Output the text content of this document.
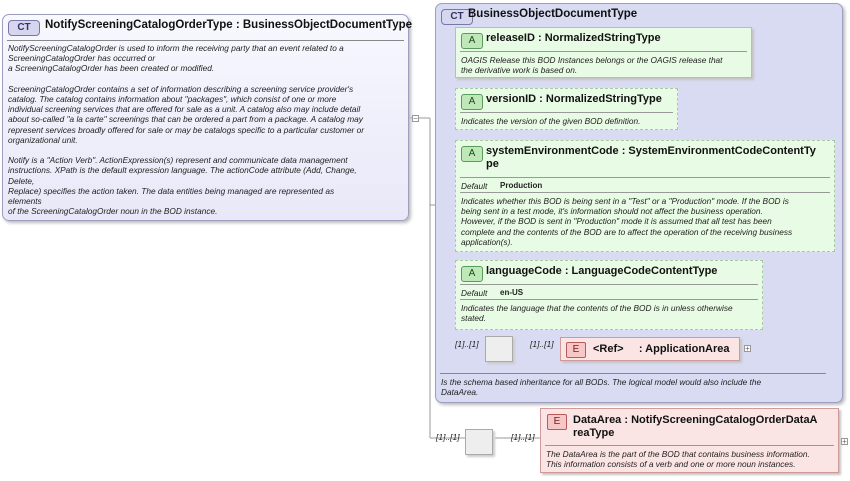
CT	NotifyScreeningCatalogOrderType : BusinessObjectDocumentType
NotifyScreeningCatalogOrder is used to inform the receiving party that an event related to a
ScreeningCatalogOrder has occurred or
a ScreeningCatalogOrder has been created or modified.

ScreeningCatalogOrder contains a set of information describing a screening service provider's
catalog. The catalog contains information about "packages", which consist of one or more
individual screening services that are offered for sale as a unit. A catalog also may include detail
about so-called "a la carte" screenings that can be ordered a part from a package. A catalog may
represent services broadly offered for sale or may be catalogs specific to a particular customer or
organizational unit.

Notify is a "Action Verb". ActionExpression(s) represent and communicate data management
instructions. XPath is the default expression language. The actionCode attribute (Add, Change,
Delete,
Replace) specifies the action taken. The data entities being managed are represented as
elements
of the ScreeningCatalogOrder noun in the BOD instance.
−
CT BusinessObjectDocumentType
Is the schema based inheritance for all BODs. The logical model would also include the
DataArea.
A releaseID : NormalizedStringType
OAGIS Release this BOD Instances belongs or the OAGIS release that
the derivative work is based on.
A versionID : NormalizedStringType
Indicates the version of the given BOD definition.
A systemEnvironmentCode : SystemEnvironmentCodeContentTy
pe
Default Production
Indicates whether this BOD is being sent in a "Test" or a "Production" mode. If the BOD is
being sent in a test mode, it's information should not affect the business operation.
However, if the BOD is sent in "Production" mode it is assumed that all test has been
complete and the contents of the BOD are to affect the operation of the receiving business
application(s).
A languageCode : LanguageCodeContentType
Default en-US
Indicates the language that the contents of the BOD is in unless otherwise
stated.
[1]..[1]	[1]..[1]	E	<Ref>     : ApplicationArea +
[1]..[1]	[1]..[1]
E	DataArea : NotifyScreeningCatalogOrderDataA
reaType
The DataArea is the part of the BOD that contains business information.
This information consists of a verb and one or more noun instances.
+
